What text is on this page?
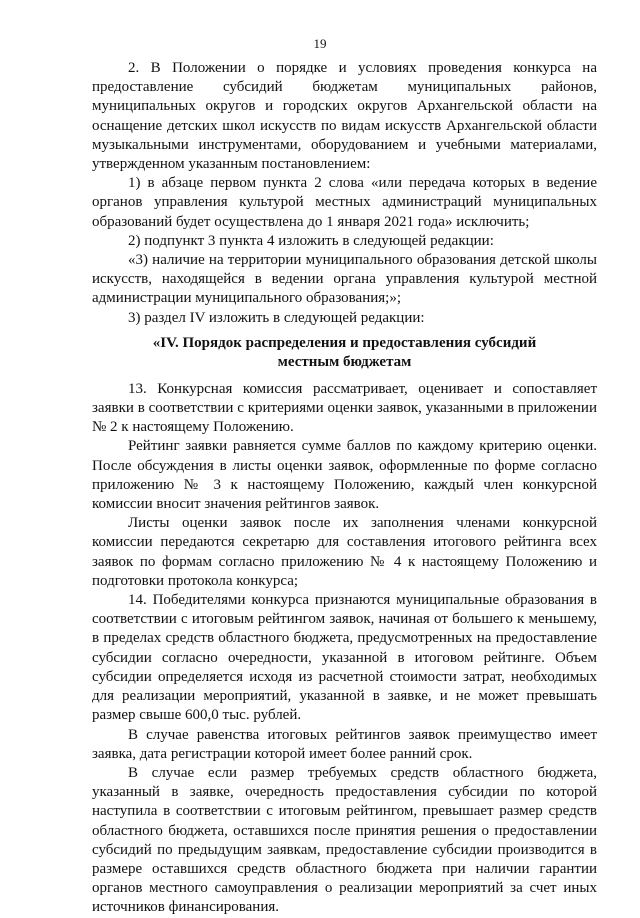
19

2. В Положении о порядке и условиях проведения конкурса на предоставление субсидий бюджетам муниципальных районов, муниципальных округов и городских округов Архангельской области на оснащение детских школ искусств по видам искусств Архангельской области музыкальными инструментами, оборудованием и учебными материалами, утвержденном указанным постановлением:

1) в абзаце первом пункта 2 слова «или передача которых в ведение органов управления культурой местных администраций муниципальных образований будет осуществлена до 1 января 2021 года» исключить;

2) подпункт 3 пункта 4 изложить в следующей редакции:

«3) наличие на территории муниципального образования детской школы искусств, находящейся в ведении органа управления культурой местной администрации муниципального образования;»;

3) раздел IV изложить в следующей редакции:

«IV. Порядок распределения и предоставления субсидий
местным бюджетам

13. Конкурсная комиссия рассматривает, оценивает и сопоставляет заявки в соответствии с критериями оценки заявок, указанными в приложении № 2 к настоящему Положению.

Рейтинг заявки равняется сумме баллов по каждому критерию оценки. После обсуждения в листы оценки заявок, оформленные по форме согласно приложению № 3 к настоящему Положению, каждый член конкурсной комиссии вносит значения рейтингов заявок.

Листы оценки заявок после их заполнения членами конкурсной комиссии передаются секретарю для составления итогового рейтинга всех заявок по формам согласно приложению № 4 к настоящему Положению и подготовки протокола конкурса;

14. Победителями конкурса признаются муниципальные образования в соответствии с итоговым рейтингом заявок, начиная от большего к меньшему, в пределах средств областного бюджета, предусмотренных на предоставление субсидии согласно очередности, указанной в итоговом рейтинге. Объем субсидии определяется исходя из расчетной стоимости затрат, необходимых для реализации мероприятий, указанной в заявке, и не может превышать размер свыше 600,0 тыс. рублей.

В случае равенства итоговых рейтингов заявок преимущество имеет заявка, дата регистрации которой имеет более ранний срок.

В случае если размер требуемых средств областного бюджета, указанный в заявке, очередность предоставления субсидии по которой наступила в соответствии с итоговым рейтингом, превышает размер средств областного бюджета, оставшихся после принятия решения о предоставлении субсидий по предыдущим заявкам, предоставление субсидии производится в размере оставшихся средств областного бюджета при наличии гарантии органов местного самоуправления о реализации мероприятий за счет иных источников финансирования.
